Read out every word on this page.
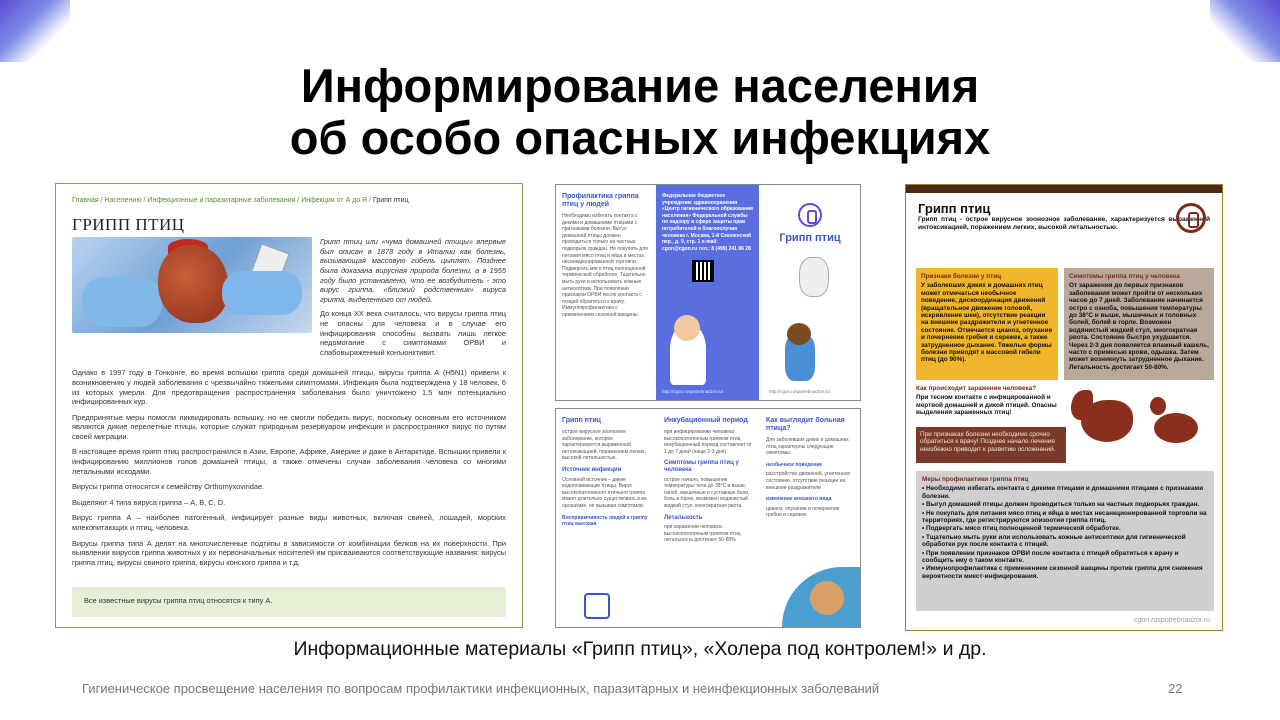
Информирование населения
об особо опасных инфекциях
Главная / Населению / Инфекционные и паразитарные заболевания / Инфекции от А до Я / Грипп птиц
ГРИПП ПТИЦ

Грипп птиц или «чума домашней птицы» впервые был описан в 1878 году в Италии как болезнь, вызывающая массовую гибель цыплят. Позднее была доказана вирусная природа болезни, а в 1955 году было установлено, что ее возбудитель - это вирус гриппа, «близкий родственник» вируса гриппа, выделенного от людей.

До конца XX века считалось, что вирусы гриппа птиц не опасны для человека и в случае его инфицирования способны вызвать лишь легкое недомогание с симптомами ОРВИ и слабовыраженный конъюнктивит.

Однако в 1997 году в Гонконге, во время вспышки гриппа среди домашней птицы, вирусы гриппа А (H5N1) привели к возникновению у людей заболевания с чрезвычайно тяжелыми симптомами. Инфекция была подтверждена у 18 человек, 6 из которых умерли. Для предотвращения распространения заболевания было уничтожено 1,5 млн потенциально инфицированных кур.

Предпринятые меры помогли ликвидировать вспышку, но не смогли победить вирус, поскольку основным его источником являются дикие перелетные птицы, которые служат природным резервуаром инфекции и распространяют вирус по путям своей миграции.

В настоящее время грипп птиц распространился в Азии, Европе, Африке, Америке и даже в Антарктиде. Вспышки привели к инфицированию миллионов голов домашней птицы, а также отмечены случаи заболевания человека со многими летальными исходами.

Вирусы гриппа относятся к семейству Orthomyxoviridae.

Выделяют 4 типа вируса гриппа – A, B, C, D.

Вирус гриппа А – наиболее патогенный, инфицирует разные виды животных, включая свиней, лошадей, морских млекопитающих и птиц, человека.

Вирусы гриппа типа А делят на многочисленные подтипы в зависимости от комбинации белков на их поверхности. При выявлении вирусов гриппа животных у их первоначальных носителей им присваиваются соответствующие названия: вирусы гриппа птиц, вирусы свиного гриппа, вирусы конского гриппа и т.д.

Все известные вирусы гриппа птиц относятся к типу А.
Профилактика гриппа птиц у людей
Необходимо избегать контакта с дикими и домашними птицами с признаками болезни. Выгул домашней птицы должен проводиться только на частных подворьях граждан. Не покупать для питания мясо птиц и яйца в местах несанкционированной торговли. Подвергать мясо птиц полноценной термической обработке. Тщательно мыть руки и использовать кожные антисептики. При появлении признаков ОРВИ после контакта с птицей обратиться к врачу. Иммунопрофилактика с применением сезонной вакцины.
Федеральное бюджетное учреждение здравоохранения «Центр гигиенического образования населения» Федеральной службы по надзору в сфере защиты прав потребителей и благополучия человека г. Москва, 1-й Смоленский пер., д. 9, стр. 1 e-mail: cgon@cgon.ru тел.: 8 (499) 241 86 28
http://cgon.rospotrebnadzor.ru/
Грипп птиц
http://cgon.rospotrebnadzor.ru/
Грипп птиц
острое вирусное зоонозное заболевание, которое характеризуется выраженной интоксикацией, поражением легких, высокой летальностью.
Источник инфекции
Основной источник – дикие водоплавающие птицы. Вирус высокопатогенного птичьего гриппа может длительно существовать в их организме, не вызывая симптомов.
Восприимчивость людей к гриппу птиц высокая
Инкубационный период
при инфицировании человека высокопатогенным гриппом птиц инкубационный период составляет от 1 до 7 дней (чаще 2-3 дня)
Симптомы гриппа птиц у человека
острое начало, повышение температуры тела до 38°C и выше, озноб, мышечные и суставные боли, боль в горле, возможен водянистый жидкий стул, многократная рвота.
Летальность
при заражении человека высокопатогенным гриппом птиц летальность достигает 50-80%
Как выглядит больная птица?
Для заболевших диких и домашних птиц характерны следующие симптомы:
необычное поведение
расстройство движений, угнетенное состояние, отсутствие реакции на внешние раздражители
изменение внешнего вида
цианоз, опухание и почернение гребня и сережек
Грипп птиц
Грипп птиц - острое вирусное зоонозное заболевание, характеризуется выраженной интоксикацией, поражением легких, высокой летальностью.
Признаки болезни у птиц
У заболевших диких и домашних птиц может отмечаться необычное поведение, дискоординация движений (вращательное движение головой, искривление шеи), отсутствие реакции на внешние раздражители и угнетенное состояние. Отмечается цианоз, опухание и почернение гребня и сережек, а также затрудненное дыхание. Тяжелые формы болезни приводят к массовой гибели птиц (до 90%).
Симптомы гриппа птиц у человека
От заражения до первых признаков заболевания может пройти от нескольких часов до 7 дней. Заболевание начинается остро с озноба, повышения температуры до 38°C и выше, мышечных и головных болей, болей в горле. Возможен водянистый жидкий стул, многократная рвота. Состояние быстро ухудшается. Через 2-3 дня появляется влажный кашель, часто с примесью крови, одышка. Затем может возникнуть затрудненное дыхание. Летальность достигает 50-80%.
Как происходит заражение человека?
При тесном контакте с инфицированной и мертвой домашней и дикой птицей. Опасны выделения зараженных птиц!
При признаках болезни необходимо срочно обратиться к врачу! Позднее начало лечения неизбежно приводит к развитию осложнений.
Меры профилактики гриппа птиц
• Необходимо избегать контакта с дикими птицами и домашними птицами с признаками болезни.
• Выгул домашней птицы должен проводиться только на частных подворьях граждан.
• Не покупать для питания мясо птиц и яйца в местах несанкционированной торговли на территориях, где регистрируются эпизоотии гриппа птиц.
• Подвергать мясо птиц полноценной термической обработке.
• Тщательно мыть руки или использовать кожные антисептики для гигиенической обработки рук после контакта с птицей.
• При появлении признаков ОРВИ после контакта с птицей обратиться к врачу и сообщить ему о таком контакте.
• Иммунопрофилактика с применением сезонной вакцины против гриппа для снижения вероятности микст-инфицирования.
cgon.rospotrebnadzor.ru
Информационные материалы «Грипп птиц», «Холера под контролем!» и др.
Гигиеническое просвещение населения по вопросам профилактики инфекционных, паразитарных и неинфекционных заболеваний	22
